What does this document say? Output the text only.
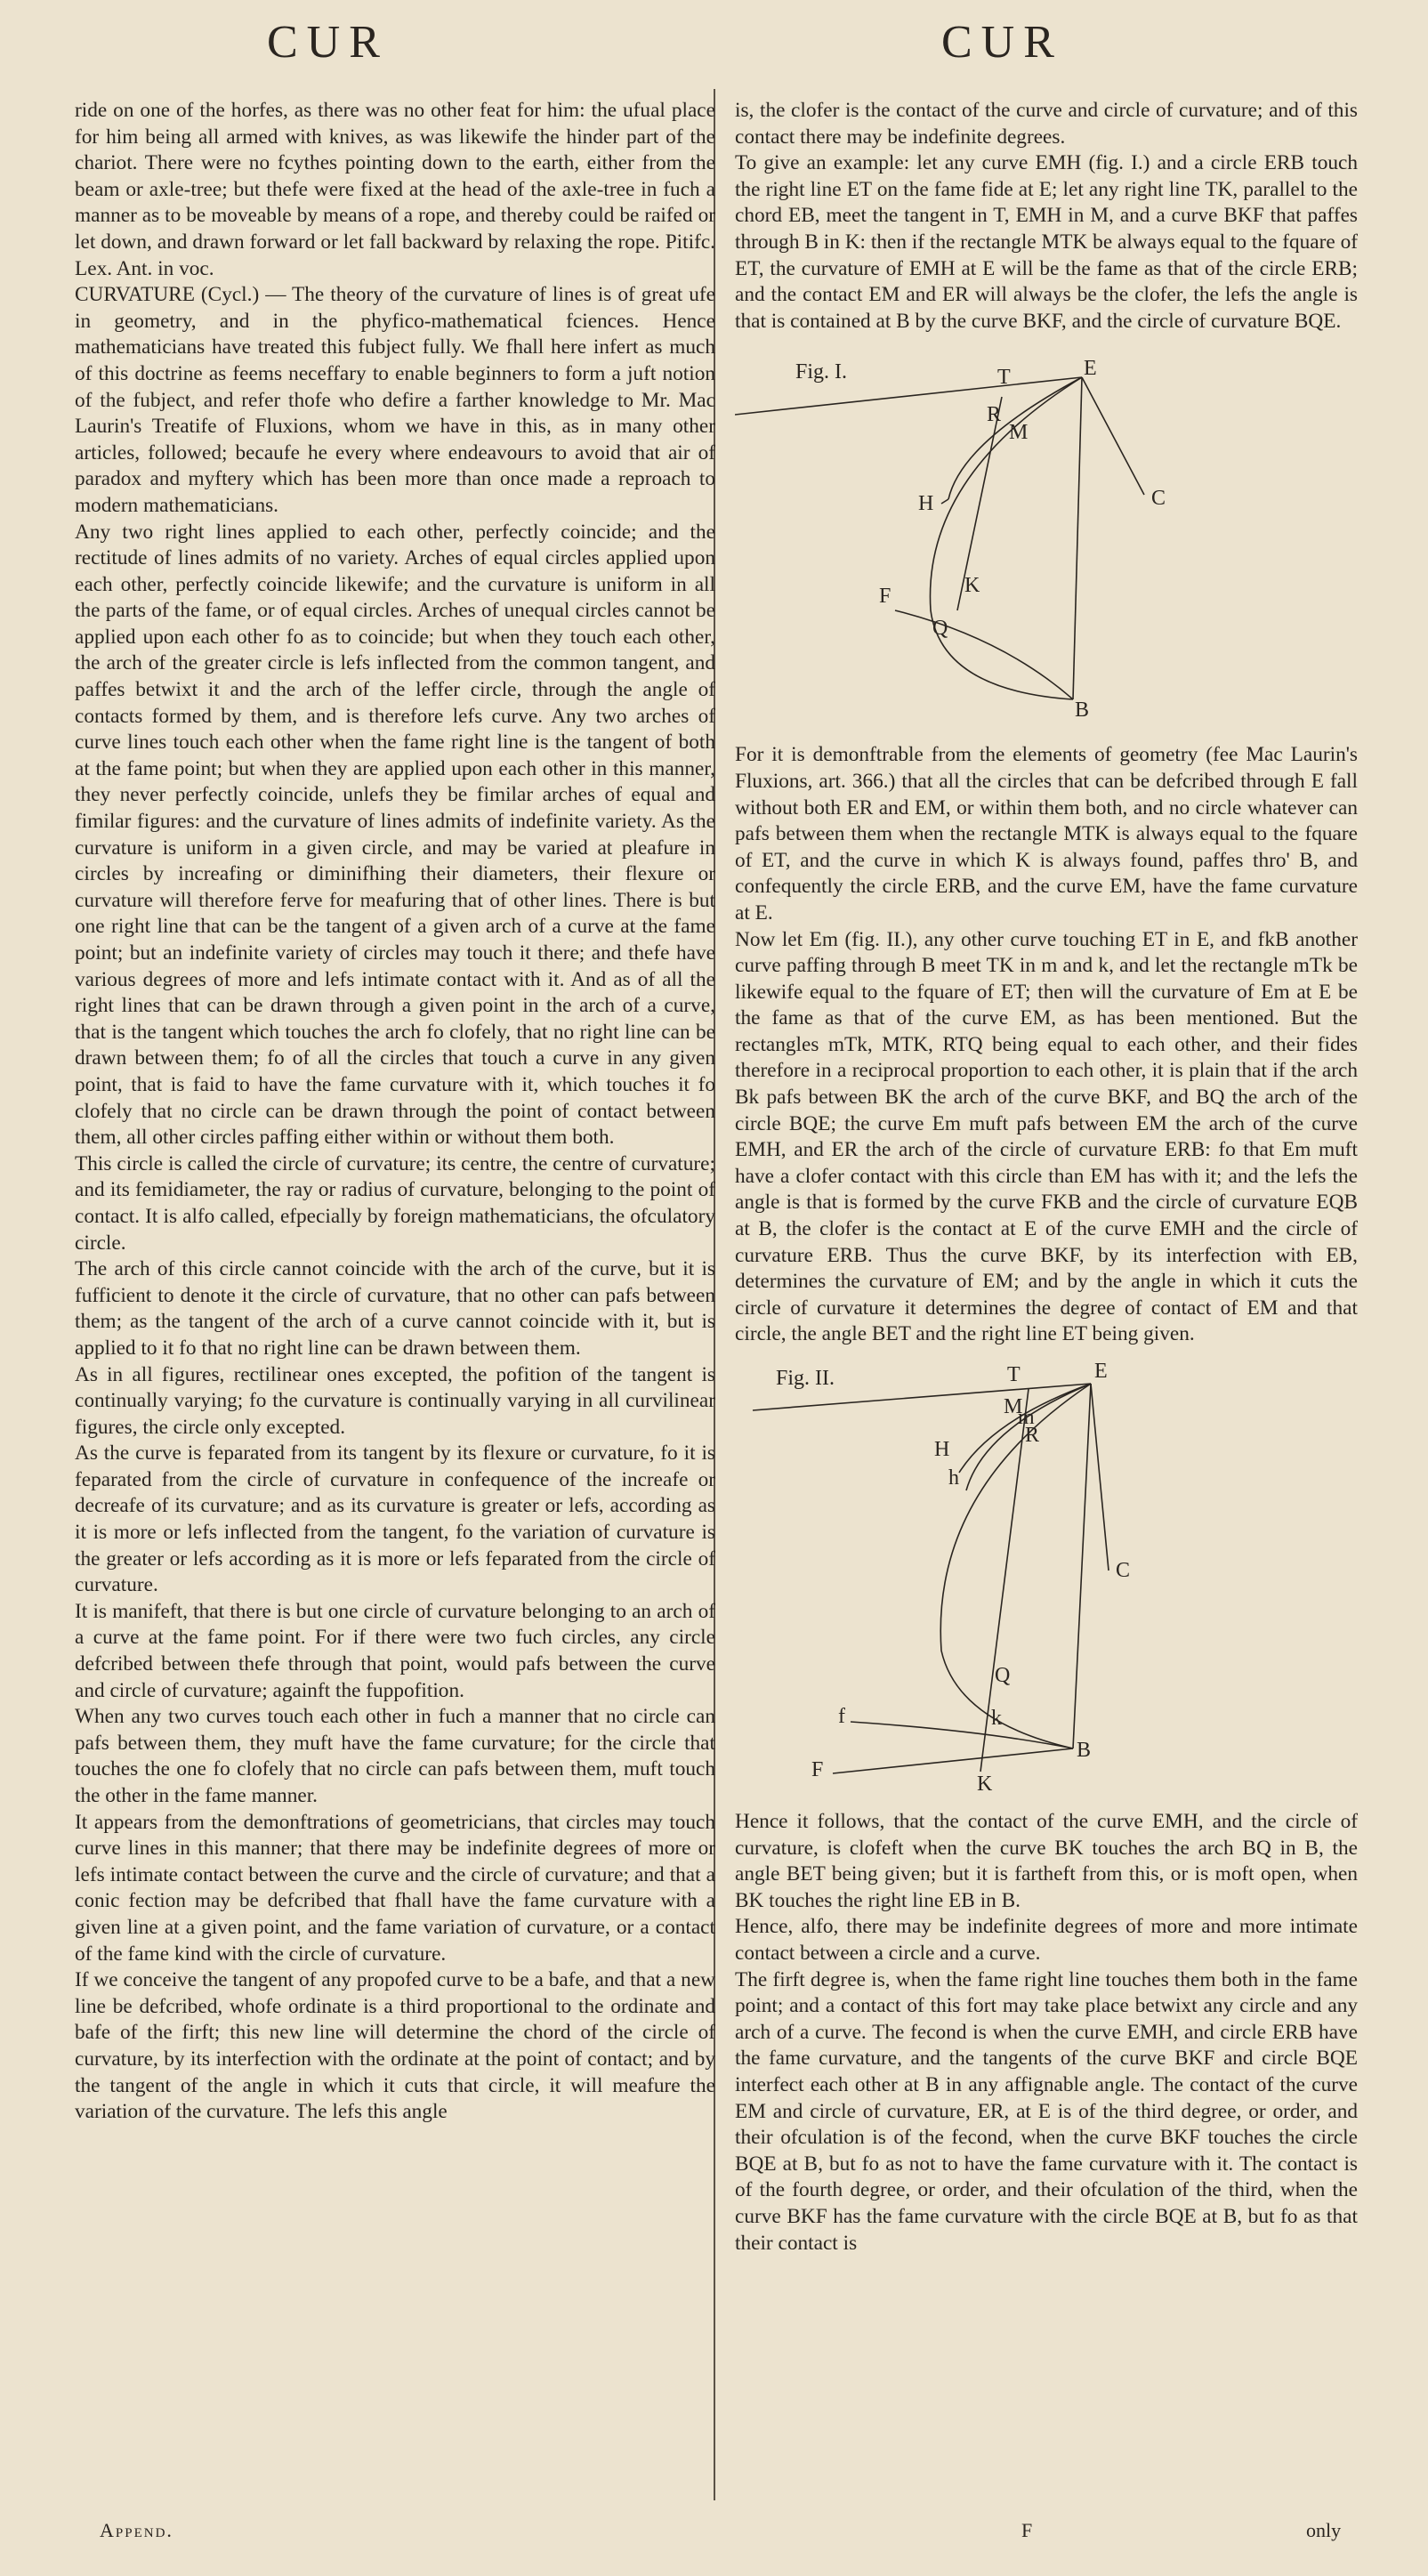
CUR	CUR

ride on one of the horfes, as there was no other feat for him: the ufual place for him being all armed with knives, as was likewife the hinder part of the chariot. There were no fcythes pointing down to the earth, either from the beam or axle-tree; but thefe were fixed at the head of the axle-tree in fuch a manner as to be moveable by means of a rope, and thereby could be raifed or let down, and drawn forward or let fall backward by relaxing the rope. Pitifc. Lex. Ant. in voc.

CURVATURE (Cycl.) — The theory of the curvature of lines is of great ufe in geometry, and in the phyfico-mathematical fciences. Hence mathematicians have treated this fubject fully. We fhall here infert as much of this doctrine as feems neceffary to enable beginners to form a juft notion of the fubject, and refer thofe who defire a farther knowledge to Mr. Mac Laurin's Treatife of Fluxions, whom we have in this, as in many other articles, followed; becaufe he every where endeavours to avoid that air of paradox and myftery which has been more than once made a reproach to modern mathematicians.

Any two right lines applied to each other, perfectly coincide; and the rectitude of lines admits of no variety. Arches of equal circles applied upon each other, perfectly coincide likewife; and the curvature is uniform in all the parts of the fame, or of equal circles. Arches of unequal circles cannot be applied upon each other fo as to coincide; but when they touch each other, the arch of the greater circle is lefs inflected from the common tangent, and paffes betwixt it and the arch of the leffer circle, through the angle of contacts formed by them, and is therefore lefs curve. Any two arches of curve lines touch each other when the fame right line is the tangent of both at the fame point; but when they are applied upon each other in this manner, they never perfectly coincide, unlefs they be fimilar arches of equal and fimilar figures: and the curvature of lines admits of indefinite variety. As the curvature is uniform in a given circle, and may be varied at pleafure in circles by increafing or diminifhing their diameters, their flexure or curvature will therefore ferve for meafuring that of other lines. There is but one right line that can be the tangent of a given arch of a curve at the fame point; but an indefinite variety of circles may touch it there; and thefe have various degrees of more and lefs intimate contact with it. And as of all the right lines that can be drawn through a given point in the arch of a curve, that is the tangent which touches the arch fo clofely, that no right line can be drawn between them; fo of all the circles that touch a curve in any given point, that is faid to have the fame curvature with it, which touches it fo clofely that no circle can be drawn through the point of contact between them, all other circles paffing either within or without them both.

This circle is called the circle of curvature; its centre, the centre of curvature; and its femidiameter, the ray or radius of curvature, belonging to the point of contact. It is alfo called, efpecially by foreign mathematicians, the ofculatory circle.

The arch of this circle cannot coincide with the arch of the curve, but it is fufficient to denote it the circle of curvature, that no other can pafs between them; as the tangent of the arch of a curve cannot coincide with it, but is applied to it fo that no right line can be drawn between them.

As in all figures, rectilinear ones excepted, the pofition of the tangent is continually varying; fo the curvature is continually varying in all curvilinear figures, the circle only excepted.

As the curve is feparated from its tangent by its flexure or curvature, fo it is feparated from the circle of curvature in confequence of the increafe or decreafe of its curvature; and as its curvature is greater or lefs, according as it is more or lefs inflected from the tangent, fo the variation of curvature is the greater or lefs according as it is more or lefs feparated from the circle of curvature.

It is manifeft, that there is but one circle of curvature belonging to an arch of a curve at the fame point. For if there were two fuch circles, any circle defcribed between thefe through that point, would pafs between the curve and circle of curvature; againft the fuppofition.

When any two curves touch each other in fuch a manner that no circle can pafs between them, they muft have the fame curvature; for the circle that touches the one fo clofely that no circle can pafs between them, muft touch the other in the fame manner.

It appears from the demonftrations of geometricians, that circles may touch curve lines in this manner; that there may be indefinite degrees of more or lefs intimate contact between the curve and the circle of curvature; and that a conic fection may be defcribed that fhall have the fame curvature with a given line at a given point, and the fame variation of curvature, or a contact of the fame kind with the circle of curvature.

If we conceive the tangent of any propofed curve to be a bafe, and that a new line be defcribed, whofe ordinate is a third proportional to the ordinate and bafe of the firft; this new line will determine the chord of the circle of curvature, by its interfection with the ordinate at the point of contact; and by the tangent of the angle in which it cuts that circle, it will meafure the variation of the curvature. The lefs this angle

is, the clofer is the contact of the curve and circle of curvature; and of this contact there may be indefinite degrees.

To give an example: let any curve EMH (fig. I.) and a circle ERB touch the right line ET on the fame fide at E; let any right line TK, parallel to the chord EB, meet the tangent in T, EMH in M, and a curve BKF that paffes through B in K: then if the rectangle MTK be always equal to the fquare of ET, the curvature of EMH at E will be the fame as that of the circle ERB; and the contact EM and ER will always be the clofer, the lefs the angle is that is contained at B by the curve BKF, and the circle of curvature BQE.

Fig. I.	T	E
R
M
H	C
F	K
Q
B

For it is demonftrable from the elements of geometry (fee Mac Laurin's Fluxions, art. 366.) that all the circles that can be defcribed through E fall without both ER and EM, or within them both, and no circle whatever can pafs between them when the rectangle MTK is always equal to the fquare of ET, and the curve in which K is always found, paffes thro' B, and confequently the circle ERB, and the curve EM, have the fame curvature at E.

Now let Em (fig. II.), any other curve touching ET in E, and fkB another curve paffing through B meet TK in m and k, and let the rectangle mTk be likewife equal to the fquare of ET; then will the curvature of Em at E be the fame as that of the curve EM, as has been mentioned. But the rectangles mTk, MTK, RTQ being equal to each other, and their fides therefore in a reciprocal proportion to each other, it is plain that if the arch Bk pafs between BK the arch of the curve BKF, and BQ the arch of the circle BQE; the curve Em muft pafs between EM the arch of the curve EMH, and ER the arch of the circle of curvature ERB: fo that Em muft have a clofer contact with this circle than EM has with it; and the lefs the angle is that is formed by the curve FKB and the circle of curvature EQB at B, the clofer is the contact at E of the curve EMH and the circle of curvature ERB. Thus the curve BKF, by its interfection with EB, determines the curvature of EM; and by the angle in which it cuts the circle of curvature it determines the degree of contact of EM and that circle, the angle BET and the right line ET being given.

Fig. II.	T	E
M
m
R
H
h
C
Q
f	k
F
K
B

Hence it follows, that the contact of the curve EMH, and the circle of curvature, is clofeft when the curve BK touches the arch BQ in B, the angle BET being given; but it is fartheft from this, or is moft open, when BK touches the right line EB in B.

Hence, alfo, there may be indefinite degrees of more and more intimate contact between a circle and a curve.

The firft degree is, when the fame right line touches them both in the fame point; and a contact of this fort may take place betwixt any circle and any arch of a curve. The fecond is when the curve EMH, and circle ERB have the fame curvature, and the tangents of the curve BKF and circle BQE interfect each other at B in any affignable angle. The contact of the curve EM and circle of curvature, ER, at E is of the third degree, or order, and their ofculation is of the fecond, when the curve BKF touches the circle BQE at B, but fo as not to have the fame curvature with it. The contact is of the fourth degree, or order, and their ofculation of the third, when the curve BKF has the fame curvature with the circle BQE at B, but fo as that their contact is

Append.	F	only
